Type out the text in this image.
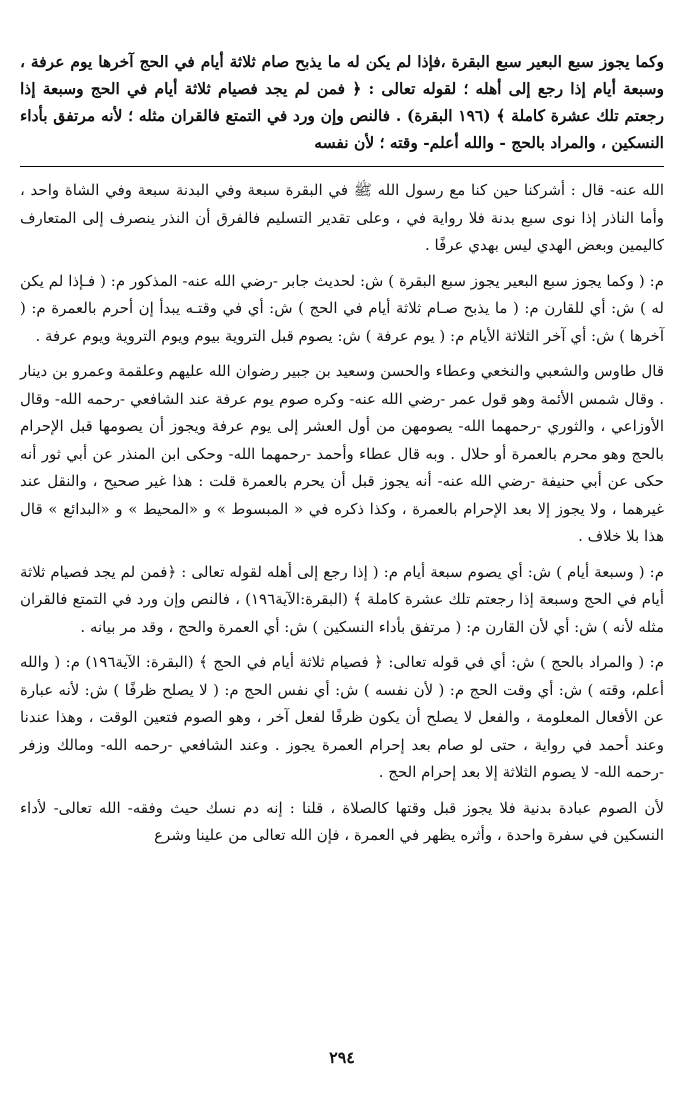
وكما يجوز سبع البعير سبع البقرة ،فإذا لم يكن له ما يذبح صام ثلاثة أيام في الحج آخرها يوم عرفة ، وسبعة أيام إذا رجع إلى أهله ؛ لقوله تعالى : ﴿ فمن لم يجد فصيام ثلاثة أيام في الحج وسبعة إذا رجعتم تلك عشرة كاملة ﴾ (١٩٦ البقرة) . فالنص وإن ورد في التمتع فالقران مثله ؛ لأنه مرتفق بأداء النسكين ، والمراد بالحج - والله أعلم- وقته ؛ لأن نفسه

الله عنه- قال : أشركنا حين كنا مع رسول الله ﷺ في البقرة سبعة وفي البدنة سبعة وفي الشاة واحد ، وأما الناذر إذا نوى سبع بدنة فلا رواية في ، وعلى تقدير التسليم فالفرق أن النذر ينصرف إلى المتعارف كاليمين وبعض الهدي ليس بهدي عرفًا .

م: ( وكما يجوز سبع البعير يجوز سبع البقرة ) ش: لحديث جابر -رضي الله عنه- المذكور م: ( فـإذا لم يكن له ) ش: أي للقارن م: ( ما يذبح صـام ثلاثة أيام في الحج ) ش: أي في وقتـه يبدأ إن أحرم بالعمرة م: ( آخرها ) ش: أي آخر الثلاثة الأيام م: ( يوم عرفة ) ش: يصوم قبل التروية بيوم ويوم التروية ويوم عرفة .

قال طاوس والشعبي والنخعي وعطاء والحسن وسعيد بن جبير رضوان الله عليهم وعلقمة وعمرو بن دينار . وقال شمس الأئمة وهو قول عمر -رضي الله عنه- وكره صوم يوم عرفة عند الشافعي -رحمه الله- وقال الأوزاعي ، والثوري -رحمهما الله- يصومهن من أول العشر إلى يوم عرفة ويجوز أن يصومها قبل الإحرام بالحج وهو محرم بالعمرة أو حلال . وبه قال عطاء وأحمد -رحمهما الله- وحكى ابن المنذر عن أبي ثور أنه حكى عن أبي حنيفة -رضي الله عنه- أنه يجوز قبل أن يحرم بالعمرة قلت : هذا غير صحيح ، والنقل عند غيرهما ، ولا يجوز إلا بعد الإحرام بالعمرة ، وكذا ذكره في « المبسوط » و «المحيط » و «البدائع » قال هذا بلا خلاف .

م: ( وسبعة أيام ) ش: أي يصوم سبعة أيام م: ( إذا رجع إلى أهله لقوله تعالى : ﴿فمن لم يجد فصيام ثلاثة أيام في الحج وسبعة إذا رجعتم تلك عشرة كاملة ﴾ (البقرة:الآية١٩٦) ، فالنص وإن ورد في التمتع فالقران مثله لأنه ) ش: أي لأن القارن م: ( مرتفق بأداء النسكين ) ش: أي العمرة والحج ، وقد مر بيانه .

م: ( والمراد بالحج ) ش: أي في قوله تعالى: ﴿ فصيام ثلاثة أيام في الحج ﴾ (البقرة: الآية١٩٦) م: ( والله أعلم، وقته ) ش: أي وقت الحج م: ( لأن نفسه ) ش: أي نفس الحج م: ( لا يصلح ظرفًا ) ش: لأنه عبارة عن الأفعال المعلومة ، والفعل لا يصلح أن يكون ظرفًا لفعل آخر ، وهو الصوم فتعين الوقت ، وهذا عندنا وعند أحمد في رواية ، حتى لو صام بعد إحرام العمرة يجوز . وعند الشافعي -رحمه الله- ومالك وزفر -رحمه الله- لا يصوم الثلاثة إلا بعد إحرام الحج .

لأن الصوم عبادة بدنية فلا يجوز قبل وقتها كالصلاة ، قلنا : إنه دم نسك حيث وفقه- الله تعالى- لأداء النسكين في سفرة واحدة ، وأثره يظهر في العمرة ، فإن الله تعالى من علينا وشرع

٢٩٤
